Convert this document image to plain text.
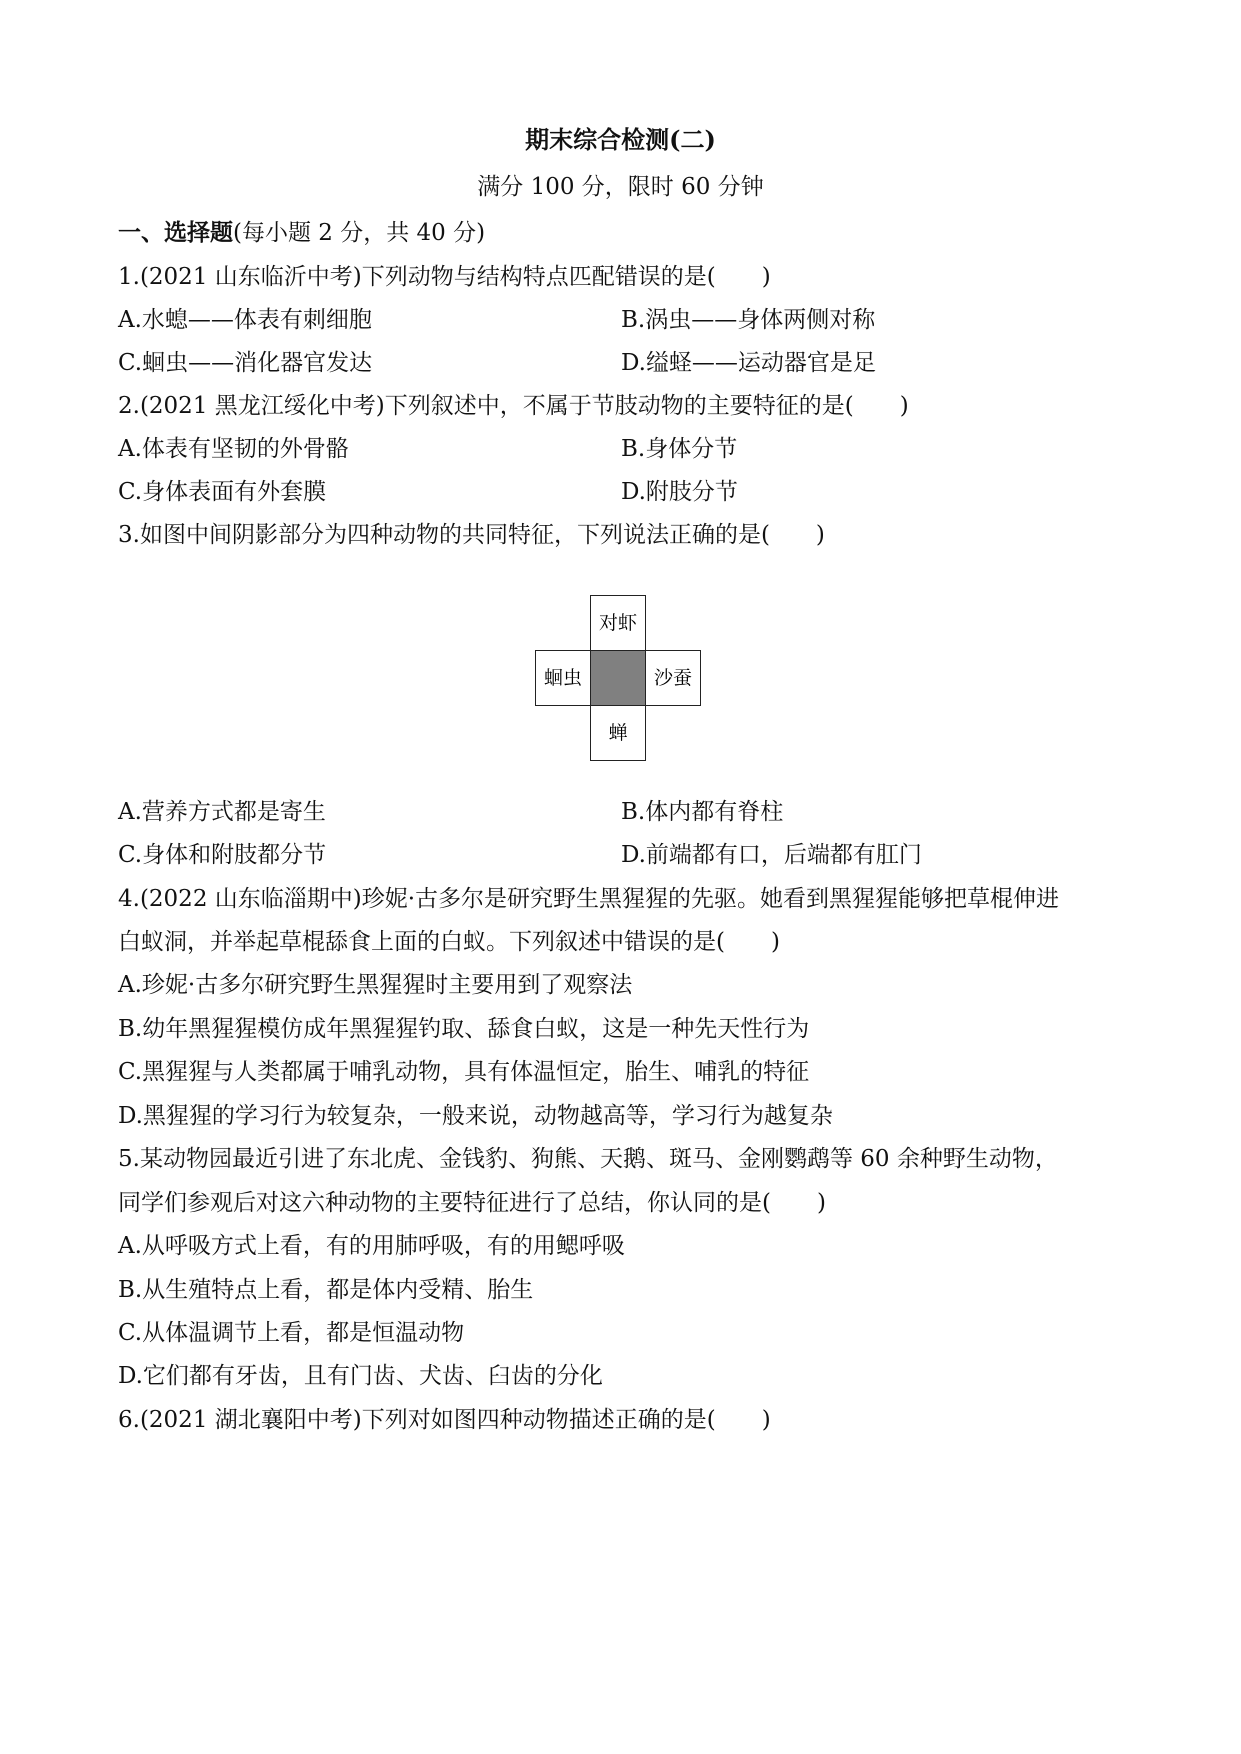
期末综合检测(二)
满分 100 分，限时 60 分钟
一、选择题(每小题 2 分，共 40 分)
1.(2021 山东临沂中考)下列动物与结构特点匹配错误的是(　　)
A.水螅——体表有刺细胞	B.涡虫——身体两侧对称
C.蛔虫——消化器官发达	D.缢蛏——运动器官是足
2.(2021 黑龙江绥化中考)下列叙述中，不属于节肢动物的主要特征的是(　　)
A.体表有坚韧的外骨骼	B.身体分节
C.身体表面有外套膜	D.附肢分节
3.如图中间阴影部分为四种动物的共同特征，下列说法正确的是(　　)
对虾
蛔虫	沙蚕
蝉
A.营养方式都是寄生	B.体内都有脊柱
C.身体和附肢都分节	D.前端都有口，后端都有肛门
4.(2022 山东临淄期中)珍妮·古多尔是研究野生黑猩猩的先驱。她看到黑猩猩能够把草棍伸进
白蚁洞，并举起草棍舔食上面的白蚁。下列叙述中错误的是(　　)
A.珍妮·古多尔研究野生黑猩猩时主要用到了观察法
B.幼年黑猩猩模仿成年黑猩猩钓取、舔食白蚁，这是一种先天性行为
C.黑猩猩与人类都属于哺乳动物，具有体温恒定，胎生、哺乳的特征
D.黑猩猩的学习行为较复杂，一般来说，动物越高等，学习行为越复杂
5.某动物园最近引进了东北虎、金钱豹、狗熊、天鹅、斑马、金刚鹦鹉等 60 余种野生动物，
同学们参观后对这六种动物的主要特征进行了总结，你认同的是(　　)
A.从呼吸方式上看，有的用肺呼吸，有的用鳃呼吸
B.从生殖特点上看，都是体内受精、胎生
C.从体温调节上看，都是恒温动物
D.它们都有牙齿，且有门齿、犬齿、臼齿的分化
6.(2021 湖北襄阳中考)下列对如图四种动物描述正确的是(　　)
